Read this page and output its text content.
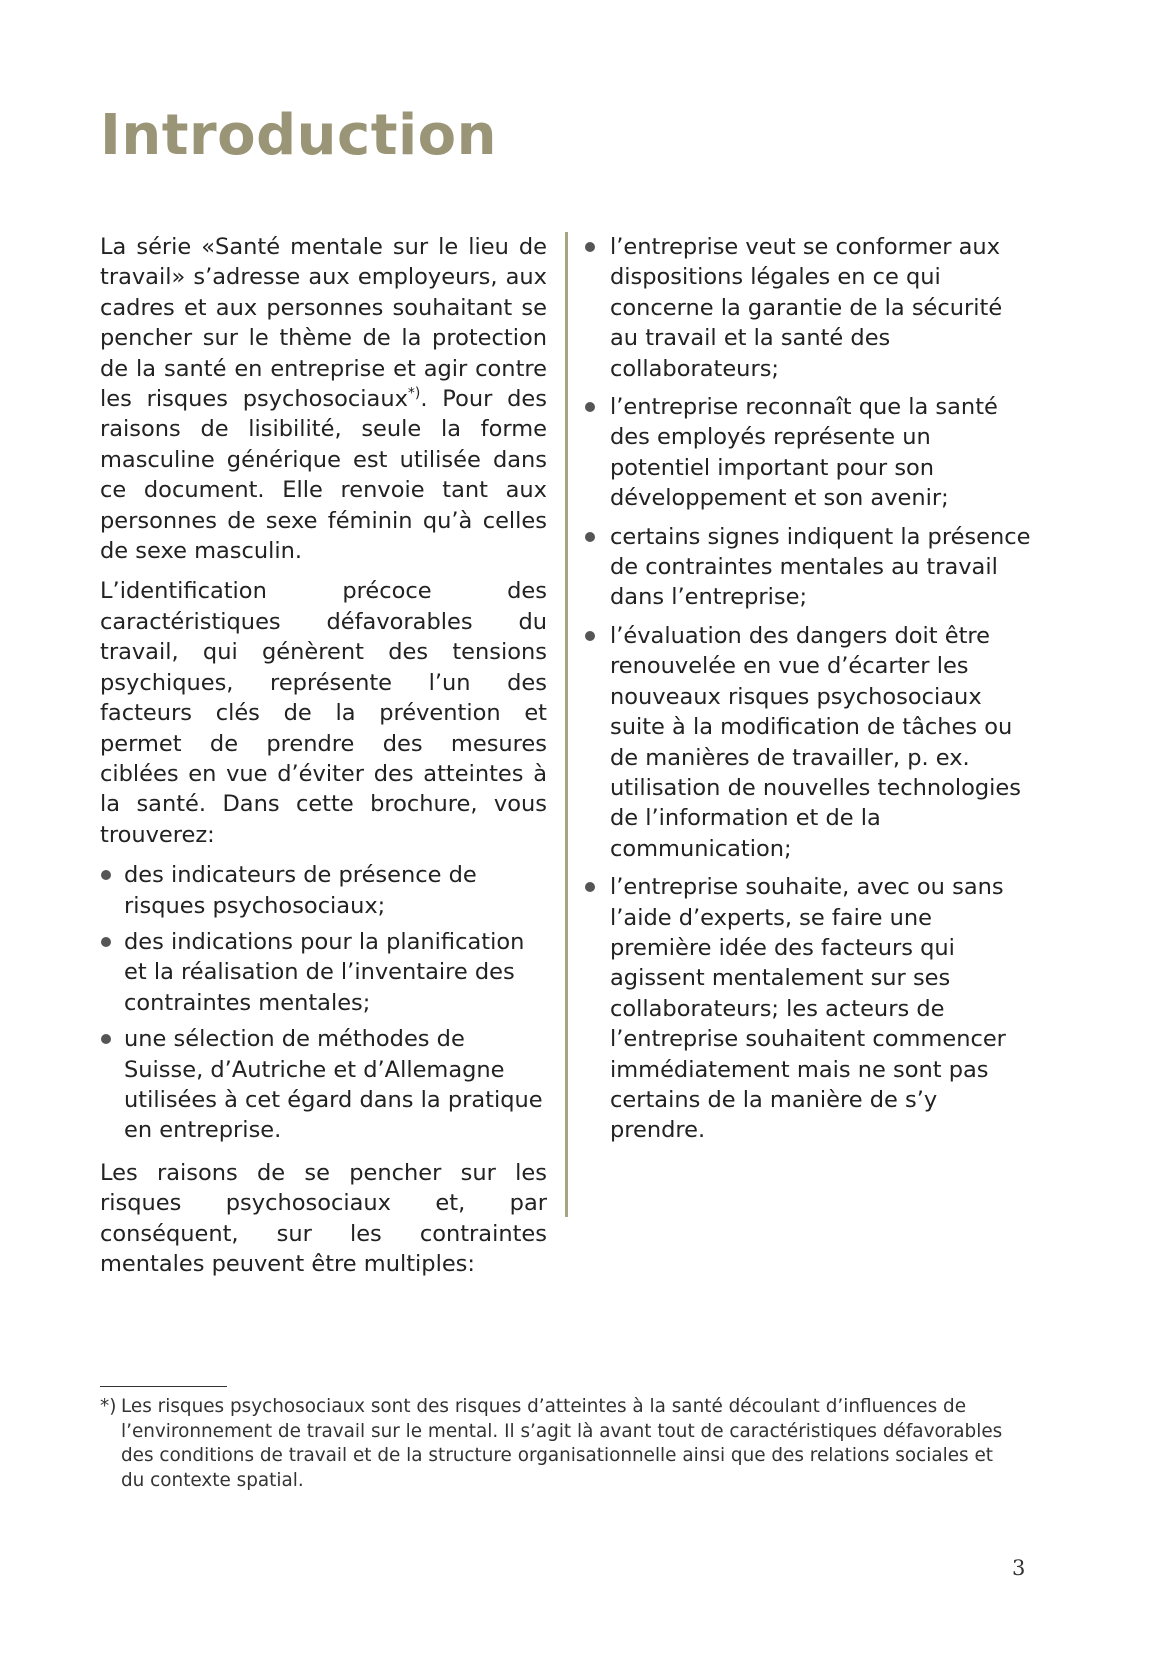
Introduction

La série «Santé mentale sur le lieu de travail» s’adresse aux employeurs, aux cadres et aux personnes souhaitant se pencher sur le thème de la protection de la santé en entreprise et agir contre les risques psychosociaux*). Pour des raisons de lisibilité, seule la forme masculine générique est utilisée dans ce document. Elle renvoie tant aux personnes de sexe féminin qu’à celles de sexe masculin.

L’identification précoce des caractéristiques défavorables du travail, qui génèrent des tensions psychiques, représente l’un des facteurs clés de la prévention et permet de prendre des mesures ciblées en vue d’éviter des atteintes à la santé. Dans cette brochure, vous trouverez:

des indicateurs de présence de risques psychosociaux;
des indications pour la planification et la réalisation de l’inventaire des contraintes mentales;
une sélection de méthodes de Suisse, d’Autriche et d’Allemagne utilisées à cet égard dans la pratique en entreprise.

Les raisons de se pencher sur les risques psychosociaux et, par conséquent, sur les contraintes mentales peuvent être multiples:

l’entreprise veut se conformer aux dispositions légales en ce qui concerne la garantie de la sécurité au travail et la santé des collaborateurs;
l’entreprise reconnaît que la santé des employés représente un potentiel important pour son développement et son avenir;
certains signes indiquent la présence de contraintes mentales au travail dans l’entreprise;
l’évaluation des dangers doit être renouvelée en vue d’écarter les nouveaux risques psychosociaux suite à la modification de tâches ou de manières de travailler, p. ex. utilisation de nouvelles technologies de l’information et de la communication;
l’entreprise souhaite, avec ou sans l’aide d’experts, se faire une première idée des facteurs qui agissent mentalement sur ses collaborateurs; les acteurs de l’entreprise souhaitent commencer immédiatement mais ne sont pas certains de la manière de s’y prendre.
*) Les risques psychosociaux sont des risques d’atteintes à la santé découlant d’influences de l’environnement de travail sur le mental. Il s’agit là avant tout de caractéristiques défavorables des conditions de travail et de la structure organisationnelle ainsi que des relations sociales et du contexte spatial.
3
